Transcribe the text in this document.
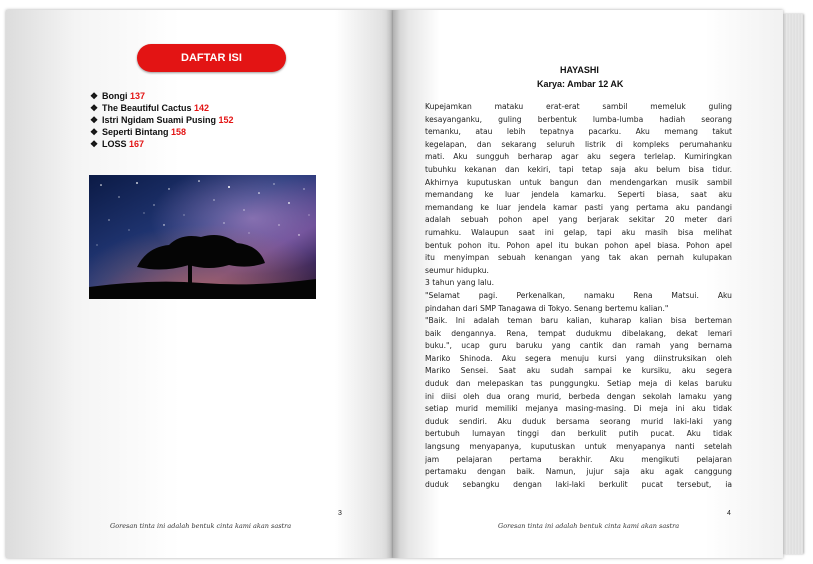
DAFTAR ISI
❖ Bongi 137
❖ The Beautiful Cactus 142
❖ Istri Ngidam Suami Pusing 152
❖ Seperti Bintang 158
❖ LOSS 167
Goresan tinta ini adalah bentuk cinta kami akan sastra
3
HAYASHI
Karya: Ambar 12 AK
Kupejamkan mataku erat-erat sambil memeluk guling
kesayanganku, guling berbentuk lumba-lumba hadiah seorang
temanku, atau lebih tepatnya pacarku. Aku memang takut
kegelapan, dan sekarang seluruh listrik di kompleks perumahanku
mati. Aku sungguh berharap agar aku segera terlelap. Kumiringkan
tubuhku kekanan dan kekiri, tapi tetap saja aku belum bisa tidur.
Akhirnya kuputuskan untuk bangun dan mendengarkan musik sambil
memandang ke luar jendela kamarku. Seperti biasa, saat aku
memandang ke luar jendela kamar pasti yang pertama aku pandangi
adalah sebuah pohon apel yang berjarak sekitar 20 meter dari
rumahku. Walaupun saat ini gelap, tapi aku masih bisa melihat
bentuk pohon itu. Pohon apel itu bukan pohon apel biasa. Pohon apel
itu menyimpan sebuah kenangan yang tak akan pernah kulupakan
seumur hidupku.
3 tahun yang lalu.
"Selamat pagi. Perkenalkan, namaku Rena Matsui. Aku
pindahan dari SMP Tanagawa di Tokyo. Senang bertemu kalian."
"Baik. Ini adalah teman baru kalian, kuharap kalian bisa berteman
baik dengannya. Rena, tempat dudukmu dibelakang, dekat lemari
buku.", ucap guru baruku yang cantik dan ramah yang bernama
Mariko Shinoda. Aku segera menuju kursi yang diinstruksikan oleh
Mariko Sensei. Saat aku sudah sampai ke kursiku, aku segera
duduk dan melepaskan tas punggungku. Setiap meja di kelas baruku
ini diisi oleh dua orang murid, berbeda dengan sekolah lamaku yang
setiap murid memiliki mejanya masing-masing. Di meja ini aku tidak
duduk sendiri. Aku duduk bersama seorang murid laki-laki yang
bertubuh lumayan tinggi dan berkulit putih pucat. Aku tidak
langsung menyapanya, kuputuskan untuk menyapanya nanti setelah
jam pelajaran pertama berakhir. Aku mengikuti pelajaran
pertamaku dengan baik. Namun, jujur saja aku agak canggung
duduk sebangku dengan laki-laki berkulit pucat tersebut, ia
Goresan tinta ini adalah bentuk cinta kami akan sastra
4
